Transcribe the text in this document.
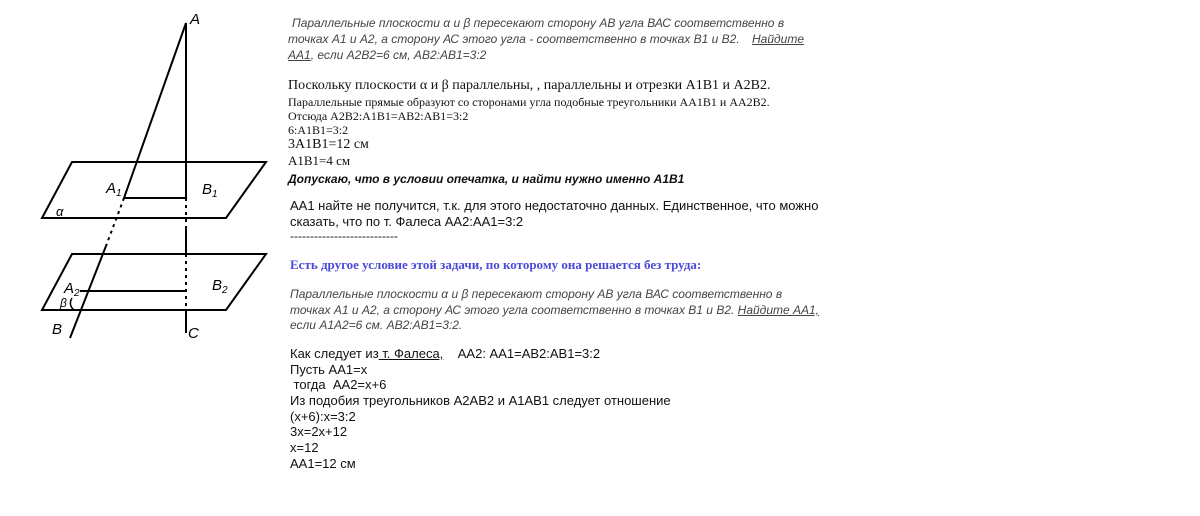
A
$A_1$	$B_1$
α
$A_2$	$B_2$
β
B	C
Параллельные плоскости α и β пересекают сторону АВ угла ВАС соответственно в
точках А1 и А2, а сторону АС этого угла - соответственно в точках В1 и В2. Найдите
АА1, если А2В2=6 см, АВ2:АВ1=3:2
Поскольку плоскости α и β параллельны, , параллельны и отрезки А1В1 и А2В2.
Параллельные прямые образуют со сторонами угла подобные треугольники АА1В1 и АА2В2.
Отсюда А2В2:А1В1=АВ2:АВ1=3:2
6:А1В1=3:2
3А1В1=12 см
А1В1=4 см
Допускаю, что в условии опечатка, и найти нужно именно А1В1
АА1 найте не получится, т.к. для этого недостаточно данных. Единственное, что можно
сказать, что по т. Фалеса АА2:АА1=3:2
---------------------------
Есть другое условие этой задачи, по которому она решается без труда:
Параллельные плоскости α и β пересекают сторону АВ угла ВАС соответственно в
точках А1 и А2, а сторону АС этого угла соответственно в точках В1 и В2. Найдите АА1,
если А1А2=6 см. АВ2:АВ1=3:2.
Как следует из т. Фалеса,    АА2: АА1=АВ2:АВ1=3:2
Пусть АА1=х
тогда  АА2=х+6
Из подобия треугольников А2АВ2 и А1АВ1 следует отношение
(х+6):х=3:2
3х=2х+12
х=12
АА1=12 см
